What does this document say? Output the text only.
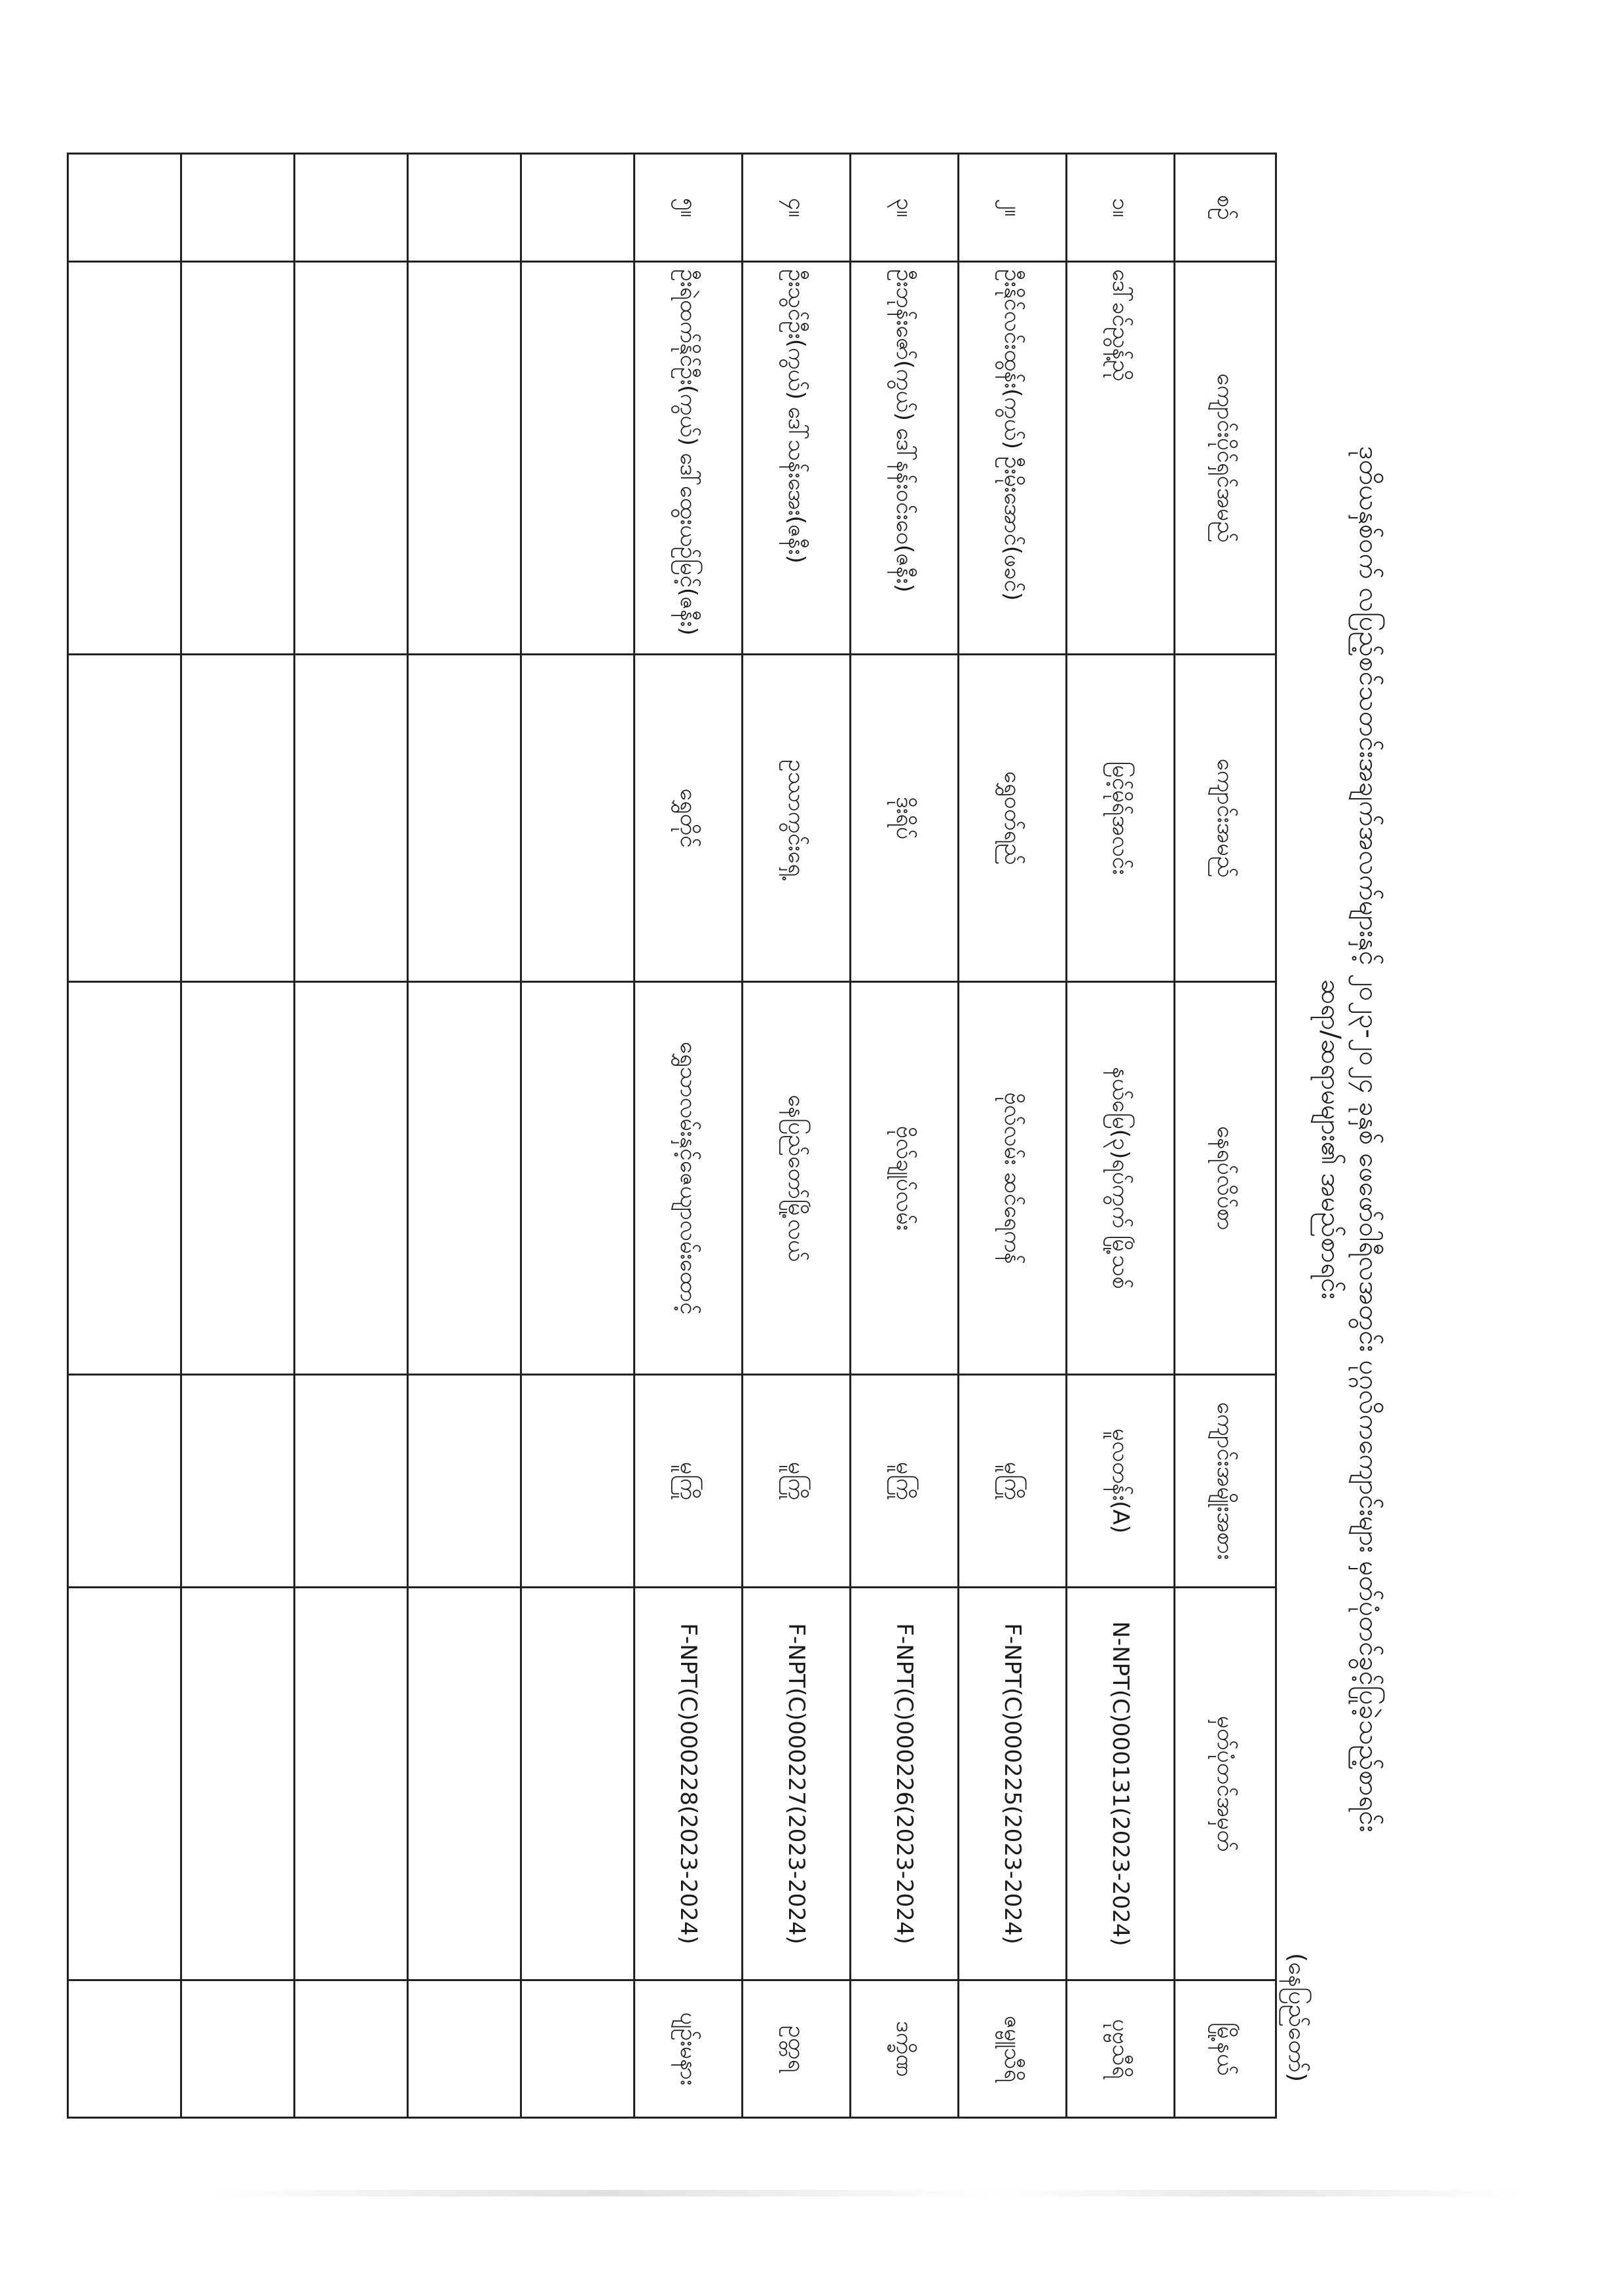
ဒုတိယနှစ်ဝက် လပြည့်စင်သတင်းအချက်အလက်များနှင့် ၂၀၂၃-၂၀၂၄ ခုနှစ် ဖေဖော်ဝါရီလအတွင်း ပုဂ္ဂလိကကျောင်းများ မှတ်ပုံတင်ခွင့်ပြုခဲ့သည့်စာရင်း
ဆရာ/ဆရာမများ၏ အမည်စာရင်း
(နေပြည်တော်)
စဉ်	ကျောင်းပိုင်ရှင်အမည်	ကျောင်းအမည်	နေရပ်လိပ်စာ	ကျောင်းအမျိုးအစား	မှတ်ပုံတင်အမှတ်	မြို့နယ်
၁။	ဒေါ်ခင်ညွန့်ညို	မြင့်မိုရ်အလင်း	နယ်မြေ(၃)ရပ်ကွက် မြို့သစ်	မူလတန်း(A)	N-NPT(C)000131(2023-2024)	ပုဗ္ဗသီရိ
၂။	ဦးနိုင်လင်းထွန်း(ကွယ်) ဦးမိုးအောင်(ဖခင်)	ရွှေဝတ်ရည်	ဗိုလ်လမ်း ဆင်ရေကန်	မူကြို	F-NPT(C)000225(2023-2024)	ဇမ္ဗူသီရိ
၃။	ဦးဘုန်းဇော်(ကွယ်) ဒေါ်နန်းဝင်းဝေ(ဇနီး)	ဒိုးရိပ်	ဗိုလ်ချုပ်လမ်း	မူကြို	F-NPT(C)000226(2023-2024)	ဒက္ခိဏ
၄။	ဦးသွင်ဦး(ကွယ်) ဒေါ်သန်းအေး(ဇနီး)	ဥဿာကွင်းရှေ့	နေပြည်တော်မြို့လယ်	မူကြို	F-NPT(C)000227(2023-2024)	ဥတ္တရ
၅။	ဦးရဲထက်နိုင်ဦး(ကွယ်) ဒေါ်ထွေးယဉ်မြင့်(ဇနီး)	ရွှေတိုင်	ရွှေသာလမ်းနှင့်ဇေယျာလမ်းထောင့်	မူကြို	F-NPT(C)000228(2023-2024)	ပျဉ်းမနား
